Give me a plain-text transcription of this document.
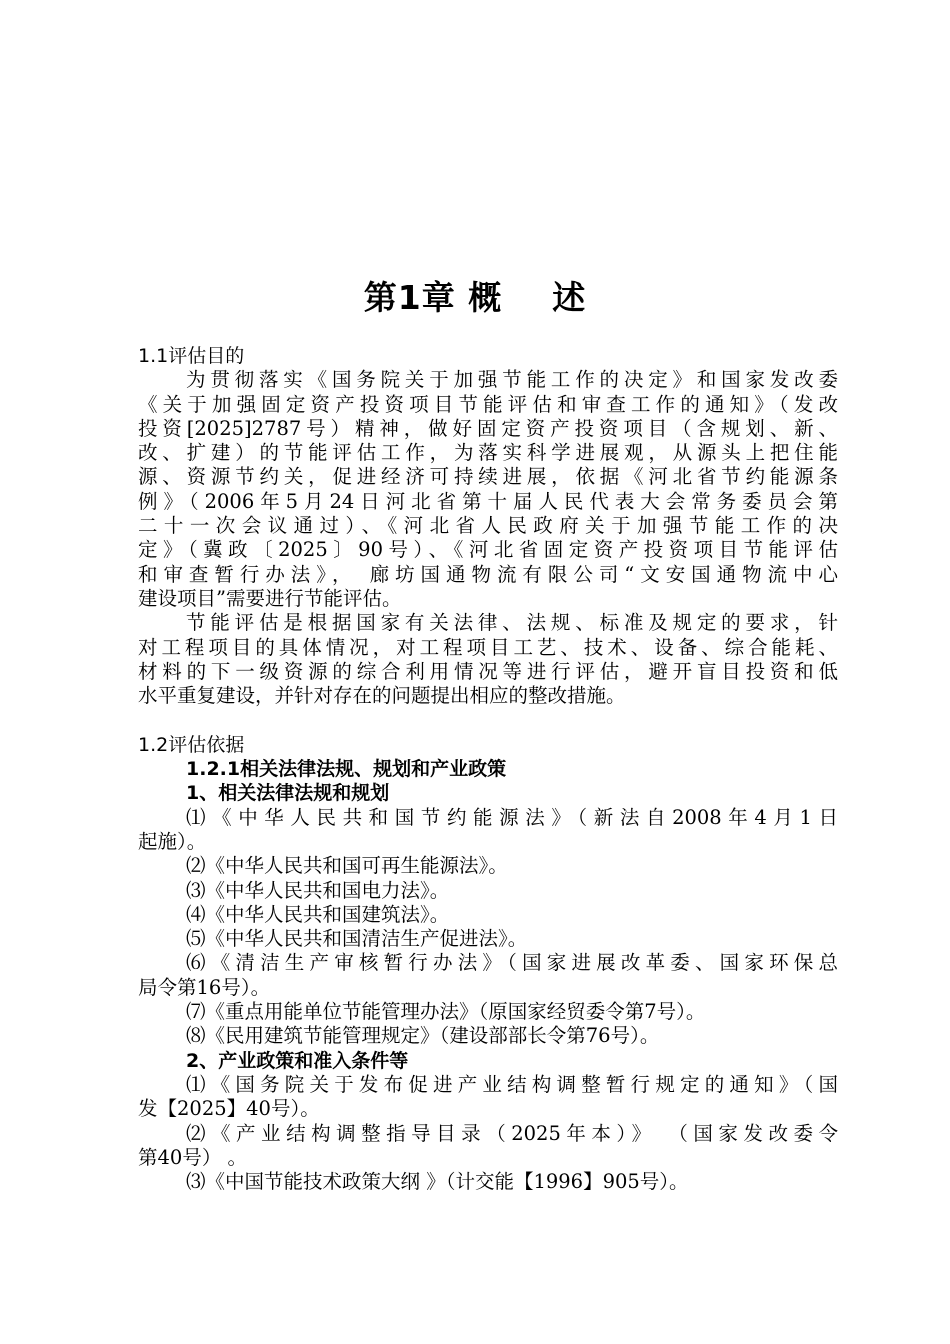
第1章 概    述
1.1评估目的
为贯彻落实《国务院关于加强节能工作的决定》和国家发改委
《关于加强固定资产投资项目节能评估和审查工作的通知》（发改
投资[2025]2787号）精神，做好固定资产投资项目（含规划、新、
改、扩建）的节能评估工作，为落实科学进展观，从源头上把住能
源、资源节约关，促进经济可持续进展，依据《河北省节约能源条
例》（2006年5月24日河北省第十届人民代表大会常务委员会第
二十一次会议通过）、《河北省人民政府关于加强节能工作的决
定》（冀政〔2025〕90号）、《河北省固定资产投资项目节能评估
和审查暂行办法》， 廊坊国通物流有限公司“文安国通物流中心
建设项目”需要进行节能评估。
节能评估是根据国家有关法律、法规、标准及规定的要求，针
对工程项目的具体情况，对工程项目工艺、技术、设备、综合能耗、
材料的下一级资源的综合利用情况等进行评估，避开盲目投资和低
水平重复建设，并针对存在的问题提出相应的整改措施。
1.2评估依据
1.2.1相关法律法规、规划和产业政策
1、相关法律法规和规划
⑴《中华人民共和国节约能源法》（新法自2008年4月1日
起施）。
⑵《中华人民共和国可再生能源法》。
⑶《中华人民共和国电力法》。
⑷《中华人民共和国建筑法》。
⑸《中华人民共和国清洁生产促进法》。
⑹《清洁生产审核暂行办法》（国家进展改革委、国家环保总
局令第16号）。
⑺《重点用能单位节能管理办法》（原国家经贸委令第7号）。
⑻《民用建筑节能管理规定》（建设部部长令第76号）。
2、产业政策和准入条件等
⑴《国务院关于发布促进产业结构调整暂行规定的通知》（国
发【2025】40号）。
⑵《产业结构调整指导目录（2025年本）》 （国家发改委令
第40号） 。
⑶《中国节能技术政策大纲 》（计交能【1996】905号）。
